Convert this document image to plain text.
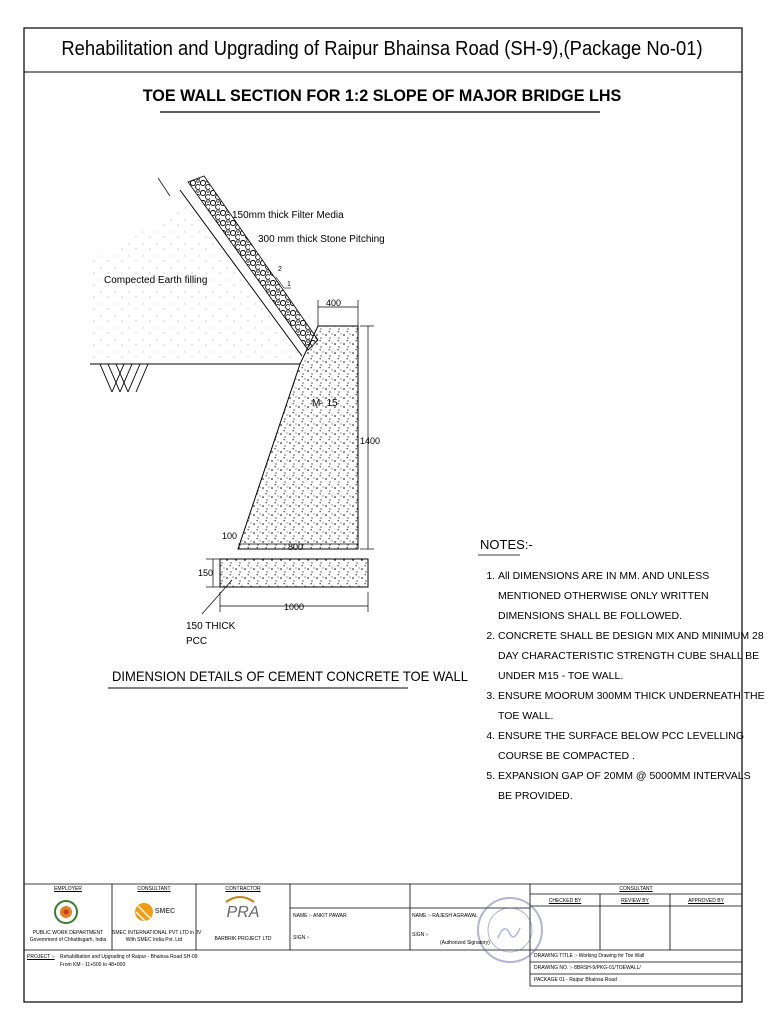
Rehabilitation and Upgrading of Raipur Bhainsa Road (SH-9),(Package No-01)
TOE WALL SECTION FOR 1:2 SLOPE OF MAJOR BRIDGE LHS
150mm thick Filter Media
300 mm thick Stone Pitching
Compected Earth filling
2
1
M- 15
400
1400
100
800
150
1000
150 THICK
PCC
DIMENSION DETAILS OF CEMENT CONCRETE TOE WALL
NOTES:-
1. All DIMENSIONS ARE IN MM. AND UNLESS MENTIONED OTHERWISE ONLY WRITTEN DIMENSIONS SHALL BE FOLLOWED.
2. CONCRETE SHALL BE DESIGN MIX AND MINIMUM 28 DAY CHARACTERISTIC STRENGTH CUBE SHALL BE UNDER M15 - TOE WALL.
3. ENSURE MOORUM 300MM THICK UNDERNEATH THE TOE WALL.
4. ENSURE THE SURFACE BELOW PCC LEVELLING COURSE BE COMPACTED .
5. EXPANSION GAP OF 20MM @ 5000MM INTERVALS BE PROVIDED.
EMPLOYER	CONSULTANT	CONTRACTOR	CONSULTANT
PUBLIC WORK DEPARTMENT
Government of Chhattisgarh, India
SMEC
SMEC INTERNATIONAL PVT LTD in JV
With SMEC India Pvt. Ltd
PRA
BARBRIK PROJECT LTD
NAME :- ANKIT PAWAR
SIGN :-
NAME :- RAJESH AGRAWAL
SIGN :-
(Authorized Signatory)
CHECKED BY	REVIEW BY	APPROVED BY
PROJECT :- Rehabilitation and Upgrading of Raipur - Bhainsa Road SH-09
From KM - 11+500 to 48+000
DRAWING TITLE :- Working Drawing for Toe Wall
DRAWING NO. :- 8BRSH-9/PKG-01/TOEWALL/
PACKAGE 01 - Raipur Bhainsa Road
